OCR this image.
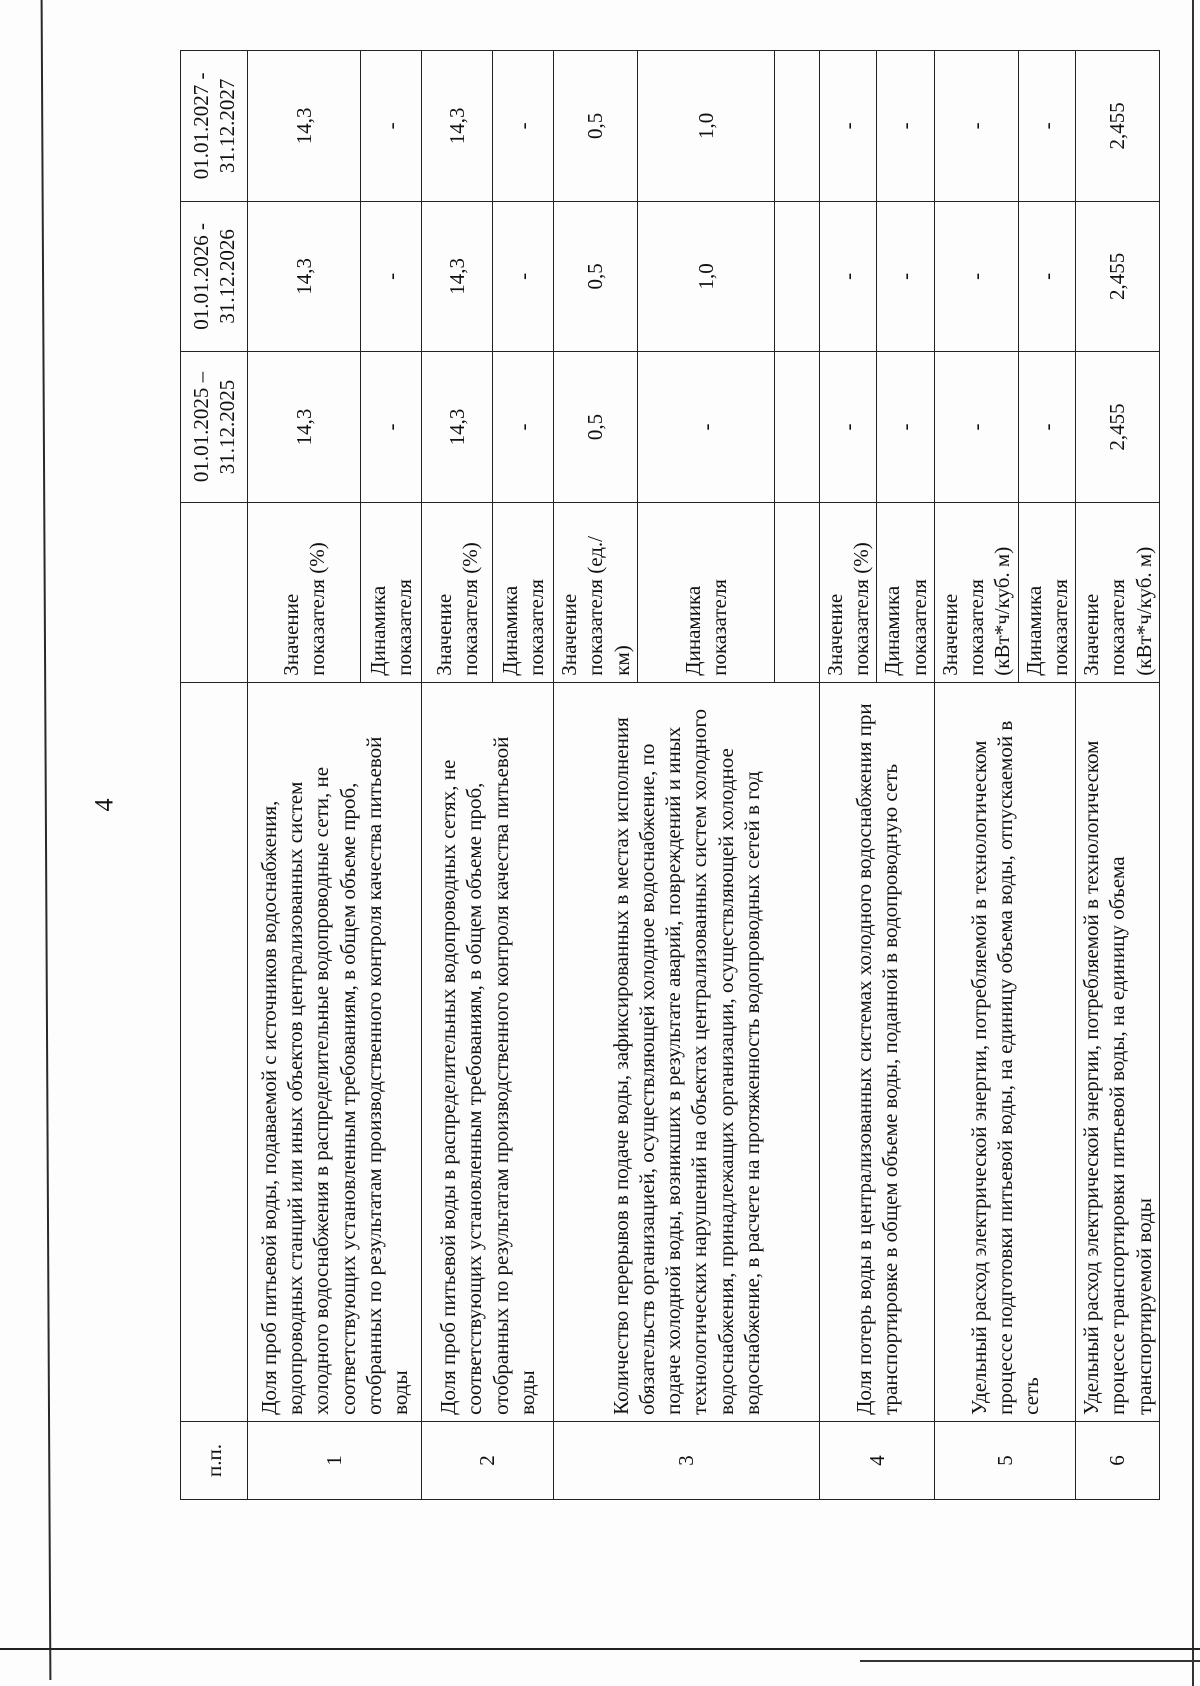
4
п.п.			01.01.2025 – 31.12.2025	01.01.2026 - 31.12.2026	01.01.2027 - 31.12.2027
1	Доля проб питьевой воды, подаваемой с источников водоснабжения, водопроводных станций или иных объектов централизованных систем холодного водоснабжения в распределительные водопроводные сети, не соответствующих установленным требованиям, в общем объеме проб, отобранных по результатам производственного контроля качества питьевой воды	Значение показателя (%)	14,3	14,3	14,3
		Динамика показателя	-	-	-
2	Доля проб питьевой воды в распределительных водопроводных сетях, не соответствующих установленным требованиям, в общем объеме проб, отобранных по результатам производственного контроля качества питьевой воды	Значение показателя (%)	14,3	14,3	14,3
		Динамика показателя	-	-	-
3	Количество перерывов в подаче воды, зафиксированных в местах исполнения обязательств организацией, осуществляющей холодное водоснабжение, по подаче холодной воды, возникших в результате аварий, повреждений и иных технологических нарушений на объектах централизованных систем холодного водоснабжения, принадлежащих организации, осуществляющей холодное водоснабжение, в расчете на протяженность водопроводных сетей в год	Значение показателя (ед./км)	0,5	0,5	0,5
		Динамика показателя	-	1,0	1,0

4	Доля потерь воды в централизованных системах холодного водоснабжения при транспортировке в общем объеме воды, поданной в водопроводную сеть	Значение показателя (%)	-	-	-
		Динамика показателя	-	-	-
5	Удельный расход электрической энергии, потребляемой в технологическом процессе подготовки питьевой воды, на единицу объема воды, отпускаемой в сеть	Значение показателя (кВт*ч/куб. м)	-	-	-
		Динамика показателя	-	-	-
6	Удельный расход электрической энергии, потребляемой в технологическом процессе транспортировки питьевой воды, на единицу объема транспортируемой воды	Значение показателя (кВт*ч/куб. м)	2,455	2,455	2,455
